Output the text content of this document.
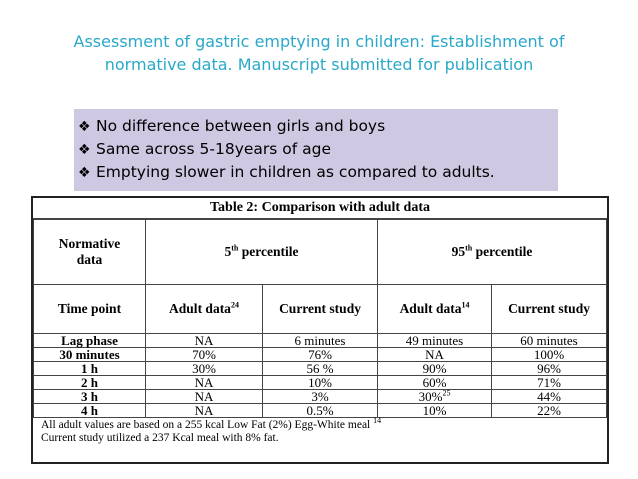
Assessment of gastric emptying in children: Establishment of
normative data. Manuscript submitted for publication
❖ No difference between girls and boys
❖ Same across 5-18years of age
❖ Emptying slower in children as compared to adults.
Table 2: Comparison with adult data
Normative data	5th percentile		95th percentile	
Time point	Adult data$^{24}$	Current study	Adult data$^{14}$	Current study
Lag phase	NA	6 minutes	49 minutes	60 minutes
30 minutes	70%	76%	NA	100%
1 h	30%	56 %	90%	96%
2 h	NA	10%	60%	71%
3 h	NA	3%	30%$^{25}$	44%
4 h	NA	0.5%	10%	22%
All adult values are based on a 255 kcal Low Fat (2%) Egg-White meal $^{14}$
Current study utilized a 237 Kcal meal with 8% fat.
